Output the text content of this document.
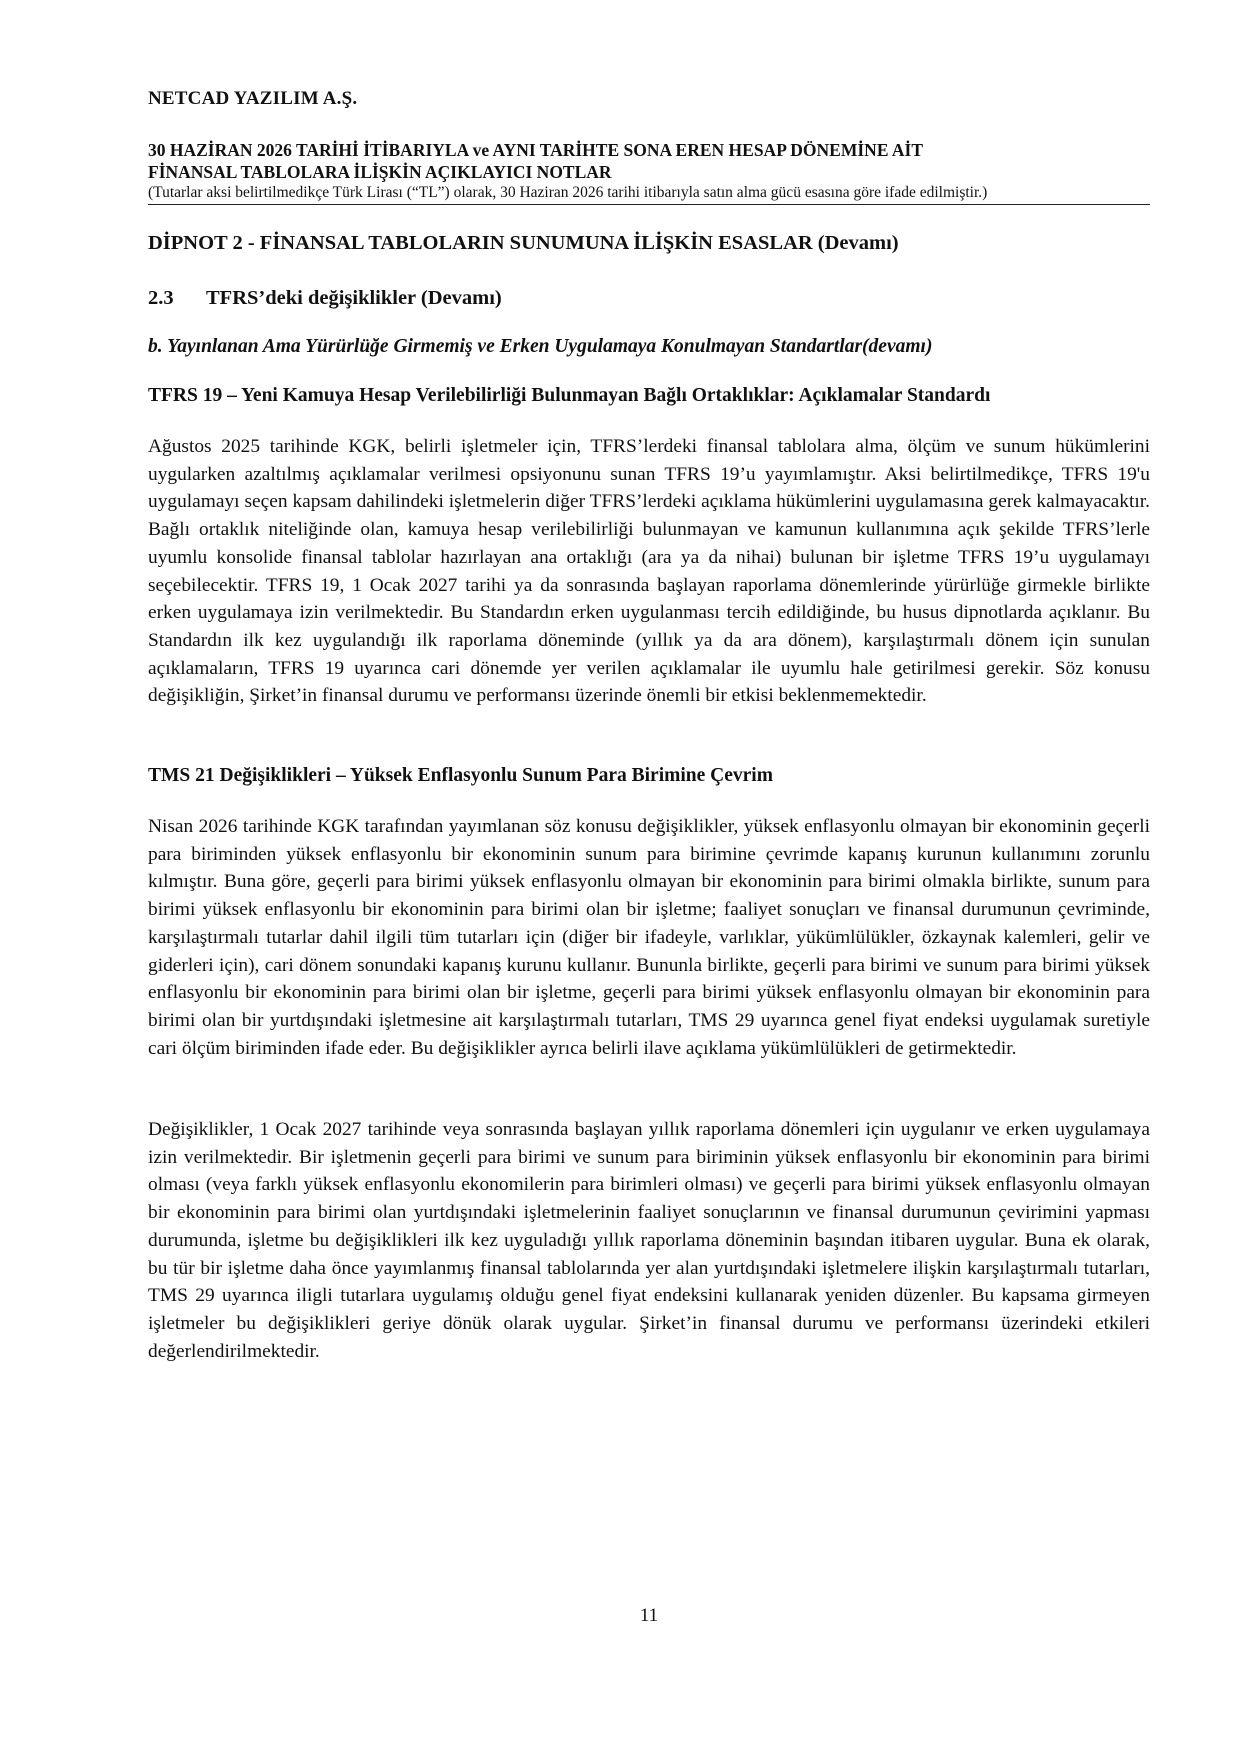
NETCAD YAZILIM A.Ş.
30 HAZİRAN 2026 TARİHİ İTİBARIYLA ve AYNI TARİHTE SONA EREN HESAP DÖNEMİNE AİT
FİNANSAL TABLOLARA İLİŞKİN AÇIKLAYICI NOTLAR
(Tutarlar aksi belirtilmedikçe Türk Lirası (“TL”) olarak, 30 Haziran 2026 tarihi itibarıyla satın alma gücü esasına göre ifade edilmiştir.)
DİPNOT 2 - FİNANSAL TABLOLARIN SUNUMUNA İLİŞKİN ESASLAR (Devamı)
2.3 TFRS’deki değişiklikler (Devamı)
b. Yayınlanan Ama Yürürlüğe Girmemiş ve Erken Uygulamaya Konulmayan Standartlar(devamı)
TFRS 19 – Yeni Kamuya Hesap Verilebilirliği Bulunmayan Bağlı Ortaklıklar: Açıklamalar Standardı

Ağustos 2025 tarihinde KGK, belirli işletmeler için, TFRS’lerdeki finansal tablolara alma, ölçüm ve sunum hükümlerini uygularken azaltılmış açıklamalar verilmesi opsiyonunu sunan TFRS 19’u yayımlamıştır. Aksi belirtilmedikçe, TFRS 19'u uygulamayı seçen kapsam dahilindeki işletmelerin diğer TFRS’lerdeki açıklama hükümlerini uygulamasına gerek kalmayacaktır. Bağlı ortaklık niteliğinde olan, kamuya hesap verilebilirliği bulunmayan ve kamunun kullanımına açık şekilde TFRS’lerle uyumlu konsolide finansal tablolar hazırlayan ana ortaklığı (ara ya da nihai) bulunan bir işletme TFRS 19’u uygulamayı seçebilecektir. TFRS 19, 1 Ocak 2027 tarihi ya da sonrasında başlayan raporlama dönemlerinde yürürlüğe girmekle birlikte erken uygulamaya izin verilmektedir. Bu Standardın erken uygulanması tercih edildiğinde, bu husus dipnotlarda açıklanır. Bu Standardın ilk kez uygulandığı ilk raporlama döneminde (yıllık ya da ara dönem), karşılaştırmalı dönem için sunulan açıklamaların, TFRS 19 uyarınca cari dönemde yer verilen açıklamalar ile uyumlu hale getirilmesi gerekir. Söz konusu değişikliğin, Şirket’in finansal durumu ve performansı üzerinde önemli bir etkisi beklenmemektedir.

TMS 21 Değişiklikleri – Yüksek Enflasyonlu Sunum Para Birimine Çevrim

Nisan 2026 tarihinde KGK tarafından yayımlanan söz konusu değişiklikler, yüksek enflasyonlu olmayan bir ekonominin geçerli para biriminden yüksek enflasyonlu bir ekonominin sunum para birimine çevrimde kapanış kurunun kullanımını zorunlu kılmıştır. Buna göre, geçerli para birimi yüksek enflasyonlu olmayan bir ekonominin para birimi olmakla birlikte, sunum para birimi yüksek enflasyonlu bir ekonominin para birimi olan bir işletme; faaliyet sonuçları ve finansal durumunun çevriminde, karşılaştırmalı tutarlar dahil ilgili tüm tutarları için (diğer bir ifadeyle, varlıklar, yükümlülükler, özkaynak kalemleri, gelir ve giderleri için), cari dönem sonundaki kapanış kurunu kullanır. Bununla birlikte, geçerli para birimi ve sunum para birimi yüksek enflasyonlu bir ekonominin para birimi olan bir işletme, geçerli para birimi yüksek enflasyonlu olmayan bir ekonominin para birimi olan bir yurtdışındaki işletmesine ait karşılaştırmalı tutarları, TMS 29 uyarınca genel fiyat endeksi uygulamak suretiyle cari ölçüm biriminden ifade eder. Bu değişiklikler ayrıca belirli ilave açıklama yükümlülükleri de getirmektedir.

Değişiklikler, 1 Ocak 2027 tarihinde veya sonrasında başlayan yıllık raporlama dönemleri için uygulanır ve erken uygulamaya izin verilmektedir. Bir işletmenin geçerli para birimi ve sunum para biriminin yüksek enflasyonlu bir ekonominin para birimi olması (veya farklı yüksek enflasyonlu ekonomilerin para birimleri olması) ve geçerli para birimi yüksek enflasyonlu olmayan bir ekonominin para birimi olan yurtdışındaki işletmelerinin faaliyet sonuçlarının ve finansal durumunun çevirimini yapması durumunda, işletme bu değişiklikleri ilk kez uyguladığı yıllık raporlama döneminin başından itibaren uygular. Buna ek olarak, bu tür bir işletme daha önce yayımlanmış finansal tablolarında yer alan yurtdışındaki işletmelere ilişkin karşılaştırmalı tutarları, TMS 29 uyarınca iligli tutarlara uygulamış olduğu genel fiyat endeksini kullanarak yeniden düzenler. Bu kapsama girmeyen işletmeler bu değişiklikleri geriye dönük olarak uygular. Şirket’in finansal durumu ve performansı üzerindeki etkileri değerlendirilmektedir.

11
